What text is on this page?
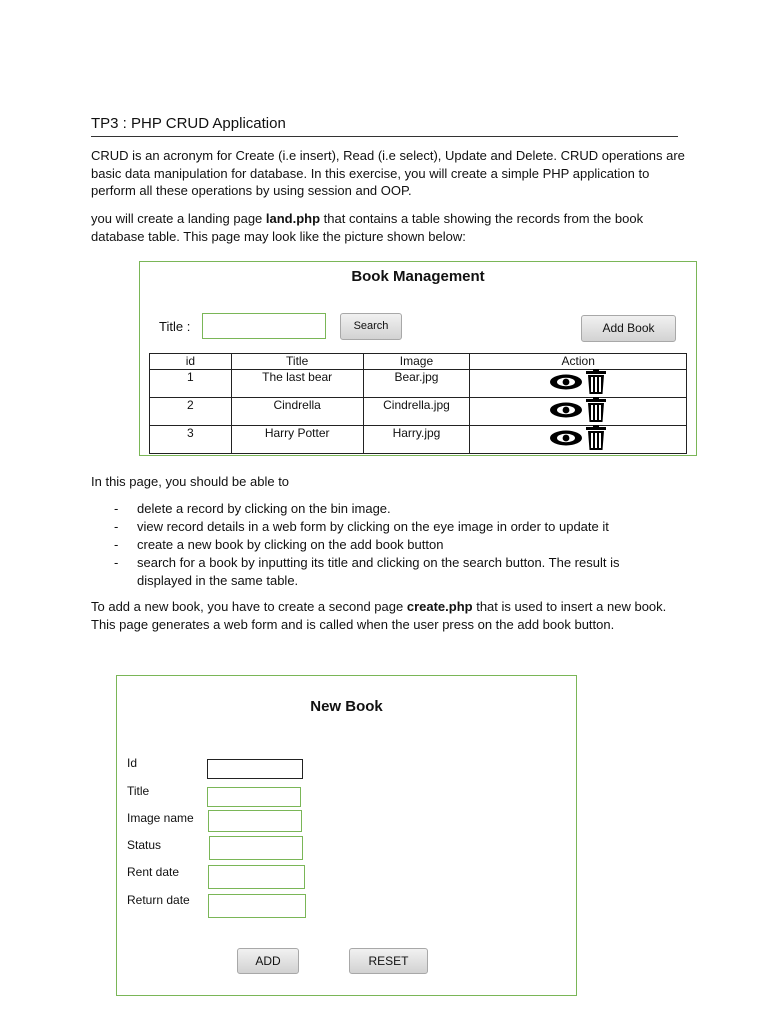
TP3 : PHP CRUD Application
CRUD is an acronym for Create (i.e insert), Read (i.e select), Update and Delete. CRUD operations are basic data manipulation for database. In this exercise, you will create a simple PHP application to perform all these operations by using session and OOP.
you will create a landing page land.php that contains a table showing the records from the book database table. This page may look like the picture shown below:
Book Management
Title :	Search	Add Book
id	Title	Image	Action
1	The last bear	Bear.jpg	

2	Cindrella	Cindrella.jpg	

3	Harry Potter	Harry.jpg	
In this page, you should be able to
- delete a record by clicking on the bin image.
- view record details in a web form by clicking on the eye image in order to update it
- create a new book by clicking on the add book button
- search for a book by inputting its title and clicking on the search button. The result is displayed in the same table.
To add a new book, you have to create a second page create.php that is used to insert a new book. This page generates a web form and is called when the user press on the add book button.
New Book
Id
Title
Image name
Status
Rent date
Return date
ADD	RESET
